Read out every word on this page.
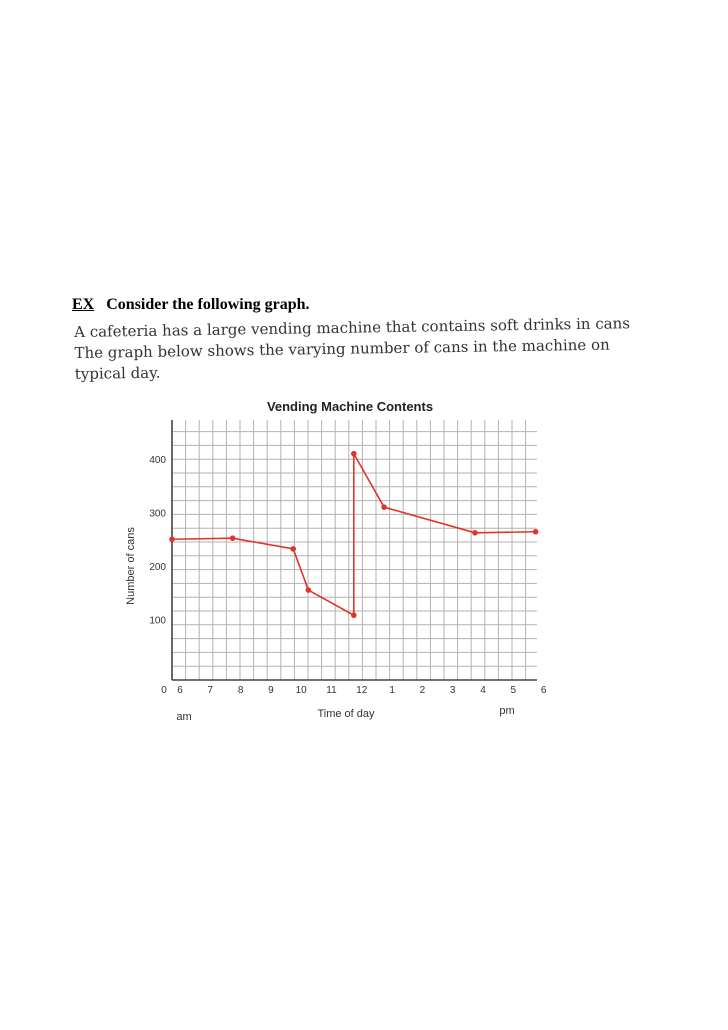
EX Consider the following graph.
A cafeteria has a large vending machine that contains soft drinks in cans
The graph below shows the varying number of cans in the machine on
typical day.
Vending Machine Contents
100
200
300
400
0 6 7 8 9 10 11 12 1 2 3 4 5 6
am	pm
Time of day
Number of cans
